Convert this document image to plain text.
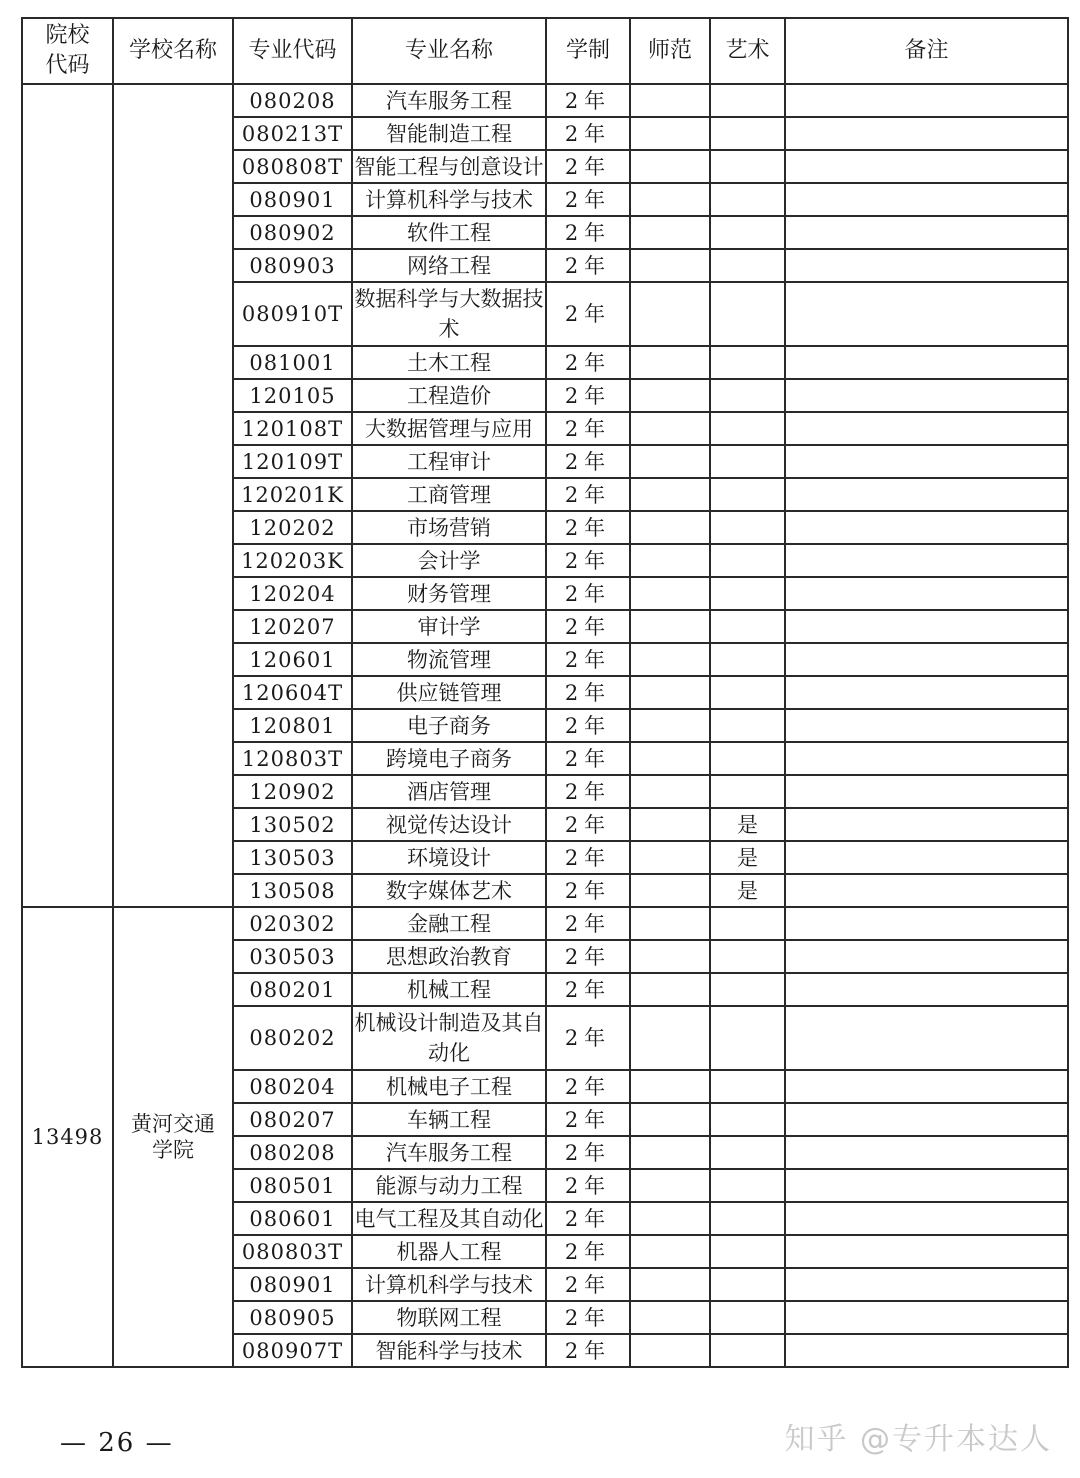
院校代码	学校名称	专业代码	专业名称	学制	师范	艺术	备注
		080208	汽车服务工程	2年			
		080213T	智能制造工程	2年			
		080808T	智能工程与创意设计	2年			
		080901	计算机科学与技术	2年			
		080902	软件工程	2年			
		080903	网络工程	2年			
		080910T	数据科学与大数据技术	2年			
		081001	土木工程	2年			
		120105	工程造价	2年			
		120108T	大数据管理与应用	2年			
		120109T	工程审计	2年			
		120201K	工商管理	2年			
		120202	市场营销	2年			
		120203K	会计学	2年			
		120204	财务管理	2年			
		120207	审计学	2年			
		120601	物流管理	2年			
		120604T	供应链管理	2年			
		120801	电子商务	2年			
		120803T	跨境电子商务	2年			
		120902	酒店管理	2年			
		130502	视觉传达设计	2年		是	
		130503	环境设计	2年		是	
		130508	数字媒体艺术	2年		是	
13498	黄河交通学院	020302	金融工程	2年			
		030503	思想政治教育	2年			
		080201	机械工程	2年			
		080202	机械设计制造及其自动化	2年			
		080204	机械电子工程	2年			
		080207	车辆工程	2年			
		080208	汽车服务工程	2年			
		080501	能源与动力工程	2年			
		080601	电气工程及其自动化	2年			
		080803T	机器人工程	2年			
		080901	计算机科学与技术	2年			
		080905	物联网工程	2年			
		080907T	智能科学与技术	2年			
— 26 —	知乎 @专升本达人
